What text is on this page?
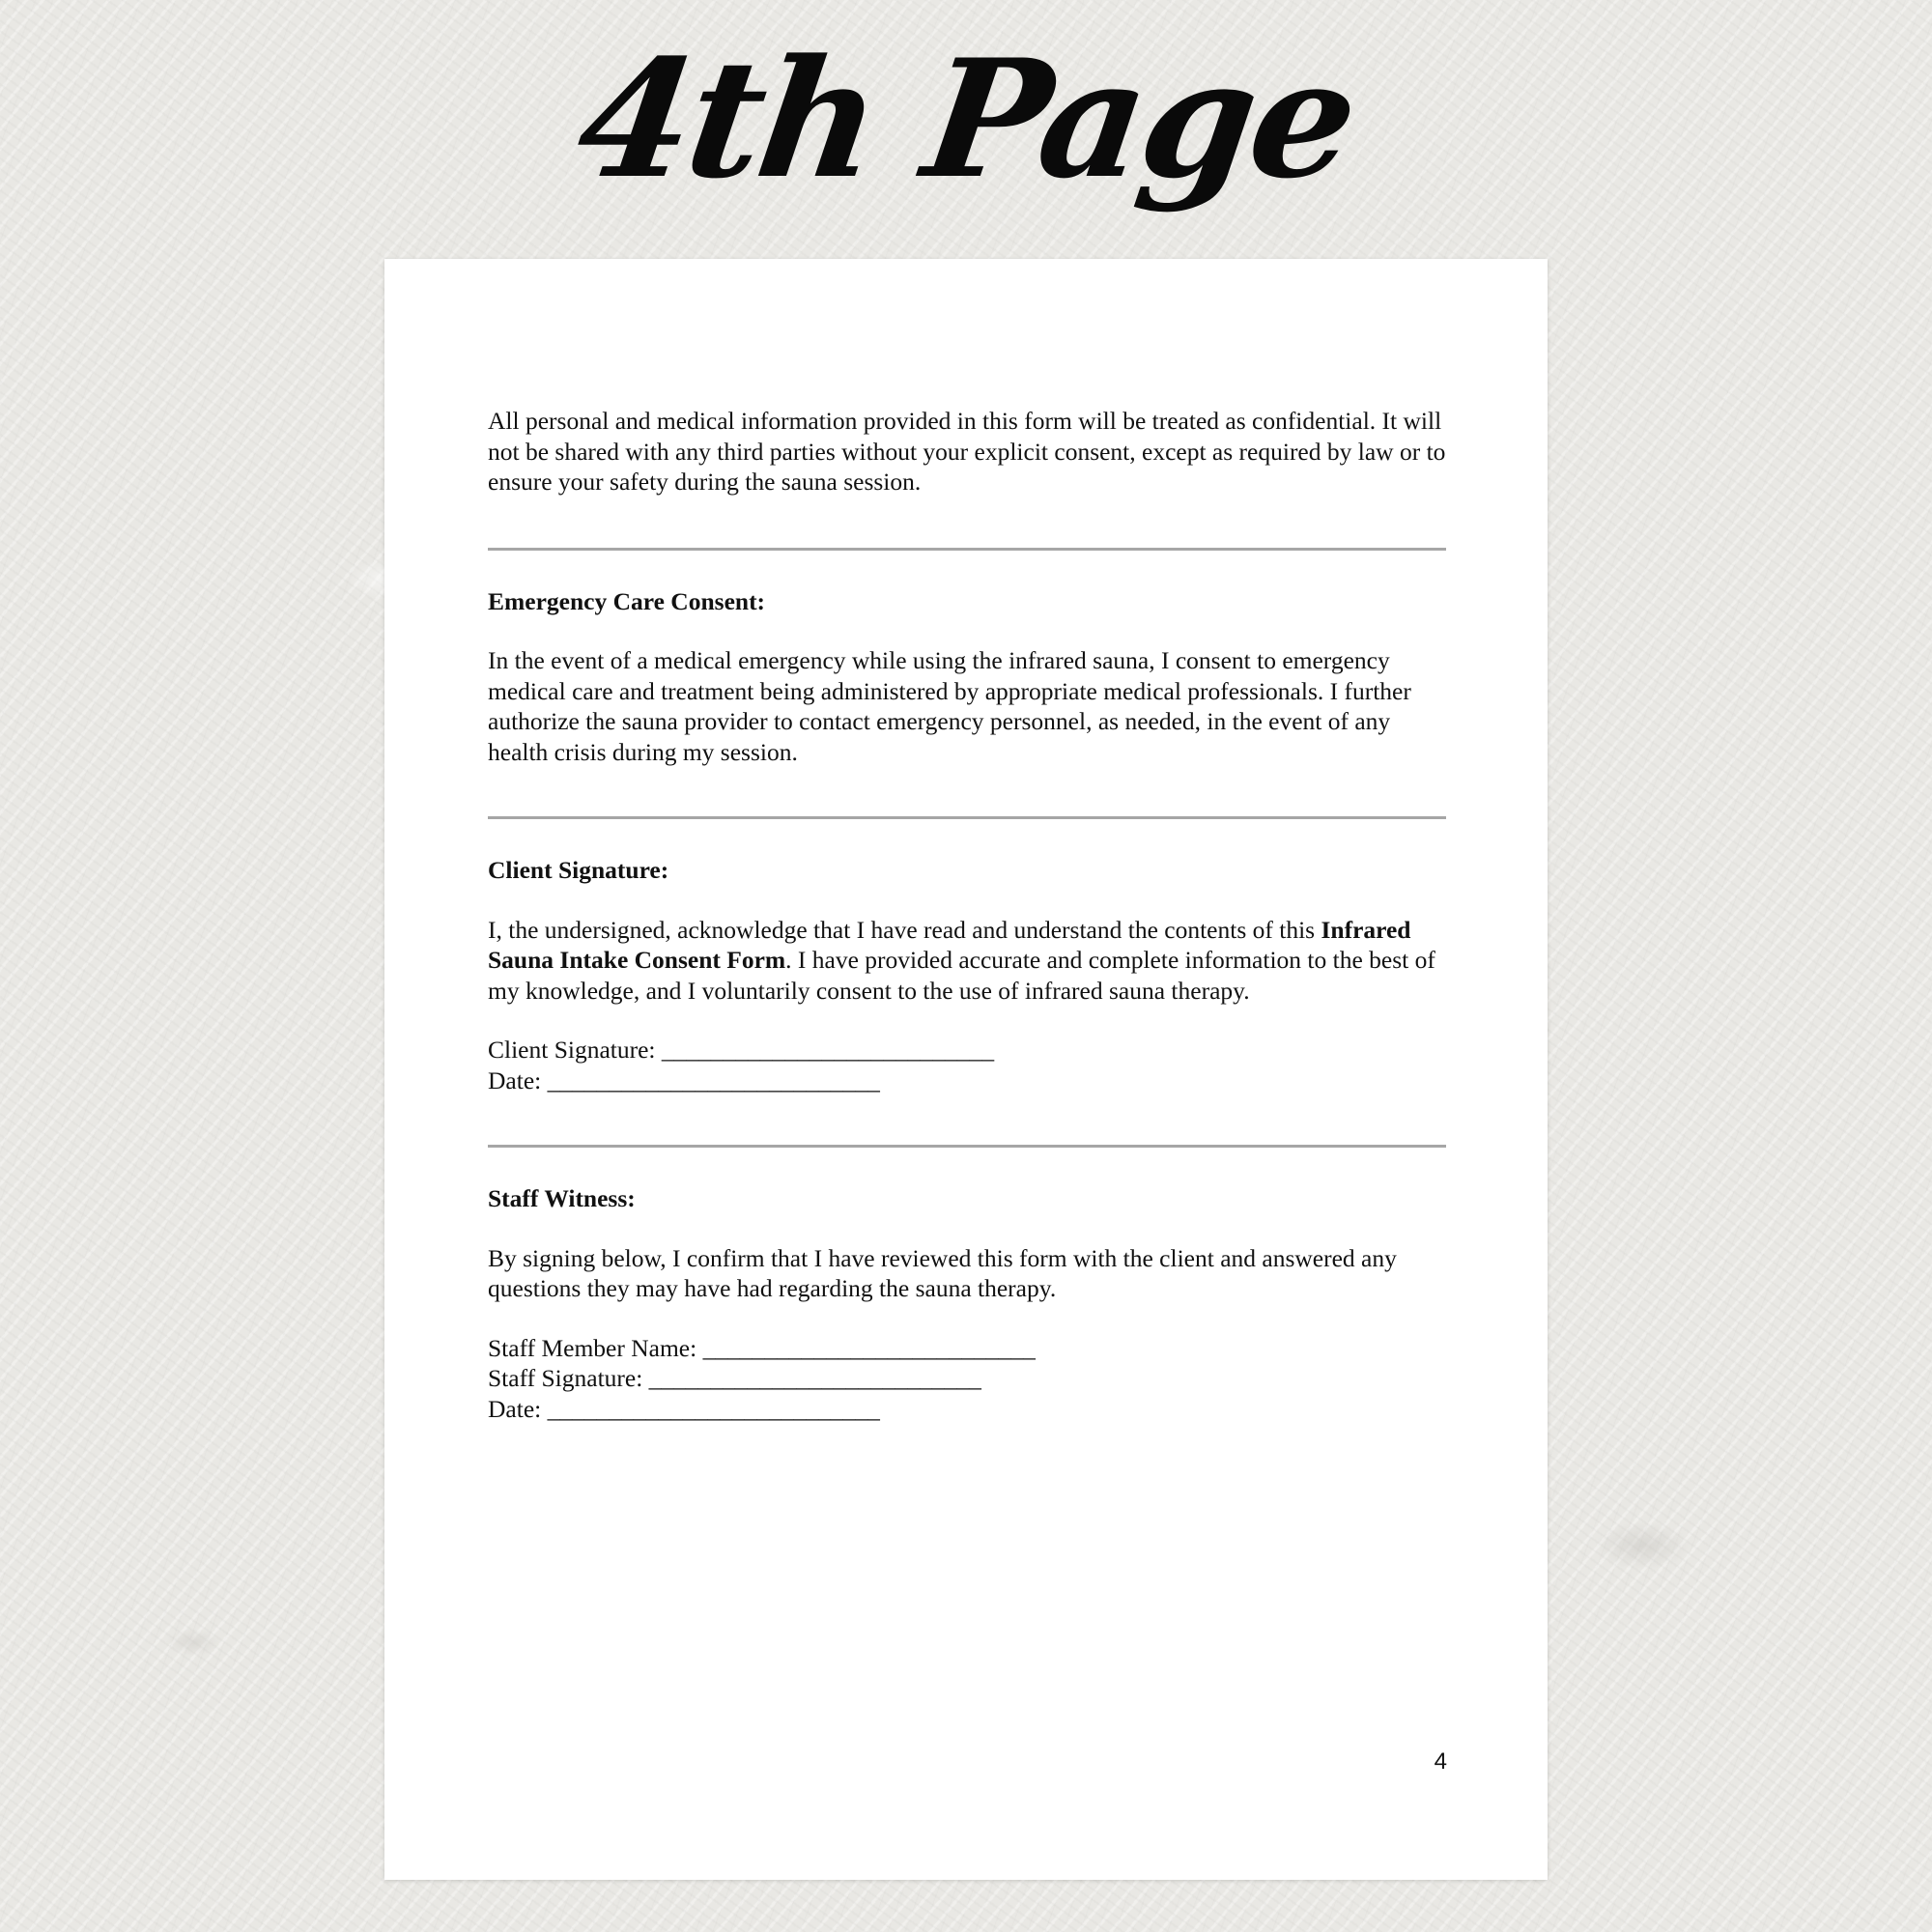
4th Page

All personal and medical information provided in this form will be treated as confidential. It will not be shared with any third parties without your explicit consent, except as required by law or to ensure your safety during the sauna session.

Emergency Care Consent:

In the event of a medical emergency while using the infrared sauna, I consent to emergency medical care and treatment being administered by appropriate medical professionals. I further authorize the sauna provider to contact emergency personnel, as needed, in the event of any health crisis during my session.

Client Signature:

I, the undersigned, acknowledge that I have read and understand the contents of this Infrared Sauna Intake Consent Form. I have provided accurate and complete information to the best of my knowledge, and I voluntarily consent to the use of infrared sauna therapy.

Client Signature: ___________________________

Date: ___________________________

Staff Witness:

By signing below, I confirm that I have reviewed this form with the client and answered any questions they may have had regarding the sauna therapy.

Staff Member Name: ___________________________

Staff Signature: ___________________________

Date: ___________________________

4
